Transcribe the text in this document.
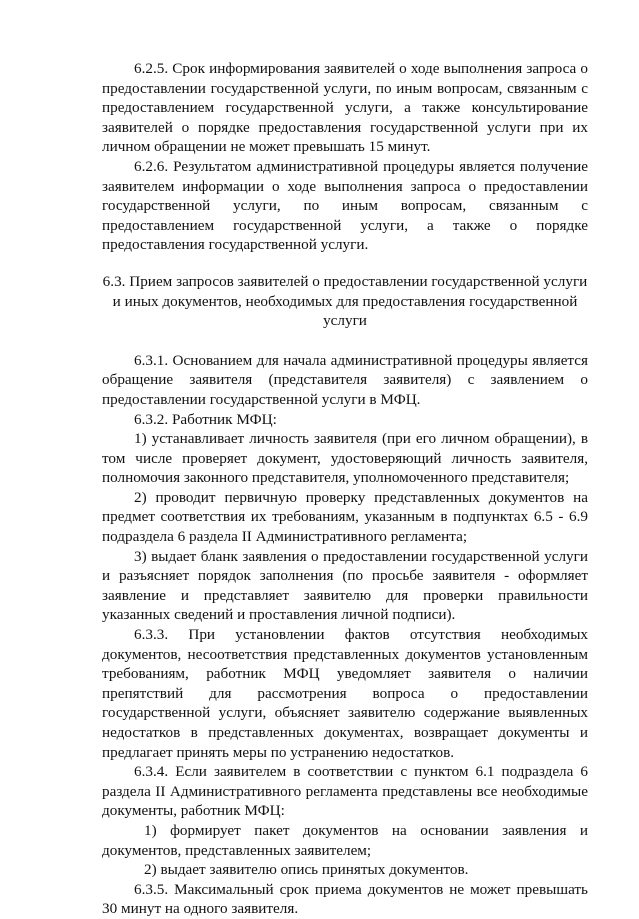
6.2.5. Срок информирования заявителей о ходе выполнения запроса о предоставлении государственной услуги, по иным вопросам, связанным с предоставлением государственной услуги, а также консультирование заявителей о порядке предоставления государственной услуги при их личном обращении не может превышать 15 минут.

6.2.6. Результатом административной процедуры является получение заявителем информации о ходе выполнения запроса о предоставлении государственной услуги, по иным вопросам, связанным с предоставлением государственной услуги, а также о порядке предоставления государственной услуги.

6.3. Прием запросов заявителей о предоставлении государственной услуги и иных документов, необходимых для предоставления государственной услуги

6.3.1. Основанием для начала административной процедуры является обращение заявителя (представителя заявителя) с заявлением о предоставлении государственной услуги в МФЦ.

6.3.2. Работник МФЦ:

1) устанавливает личность заявителя (при его личном обращении), в том числе проверяет документ, удостоверяющий личность заявителя, полномочия законного представителя, уполномоченного представителя;

2) проводит первичную проверку представленных документов на предмет соответствия их требованиям, указанным в подпунктах 6.5 - 6.9 подраздела 6 раздела II Административного регламента;

3) выдает бланк заявления о предоставлении государственной услуги и разъясняет порядок заполнения (по просьбе заявителя - оформляет заявление и представляет заявителю для проверки правильности указанных сведений и проставления личной подписи).

6.3.3. При установлении фактов отсутствия необходимых документов, несоответствия представленных документов установленным требованиям, работник МФЦ уведомляет заявителя о наличии препятствий для рассмотрения вопроса о предоставлении государственной услуги, объясняет заявителю содержание выявленных недостатков в представленных документах, возвращает документы и предлагает принять меры по устранению недостатков.

6.3.4. Если заявителем в соответствии с пунктом 6.1 подраздела 6 раздела II Административного регламента представлены все необходимые документы, работник МФЦ:

1) формирует пакет документов на основании заявления и документов, представленных заявителем;

2) выдает заявителю опись принятых документов.

6.3.5. Максимальный срок приема документов не может превышать 30 минут на одного заявителя.
